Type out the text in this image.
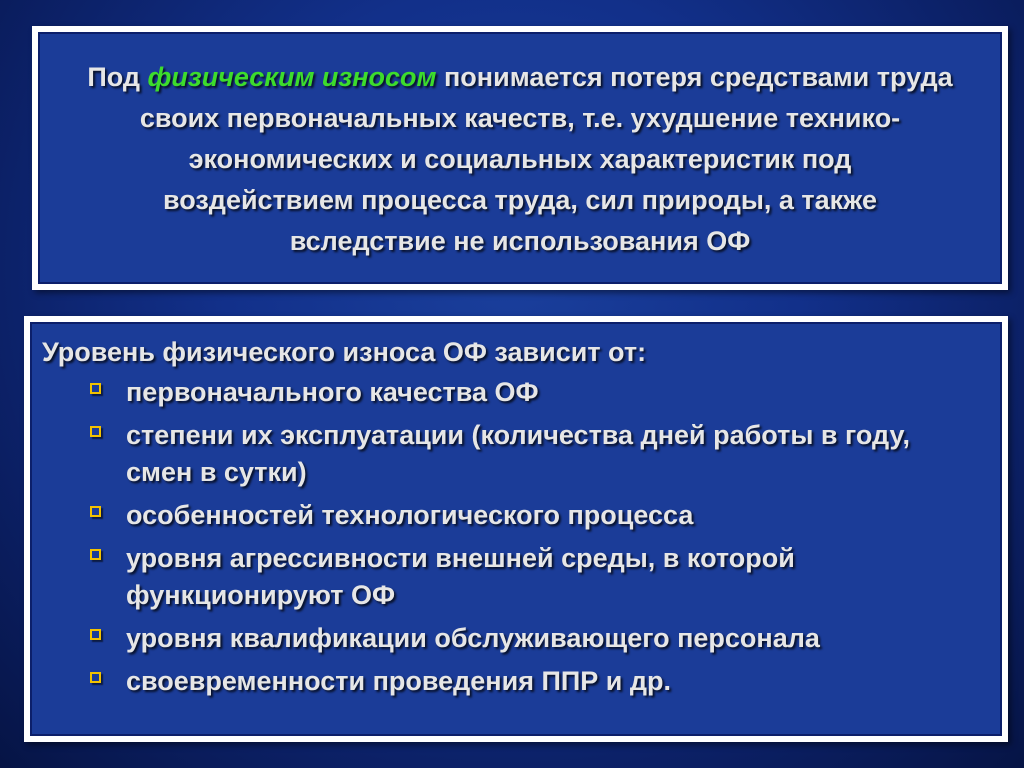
Под физическим износом понимается потеря средствами труда
своих первоначальных качеств, т.е. ухудшение технико-
экономических и социальных характеристик под
воздействием процесса труда, сил природы, а также
вследствие не использования ОФ

Уровень физического износа ОФ зависит от:

первоначального качества ОФ
степени их эксплуатации (количества дней работы в году,
смен в сутки)
особенностей технологического процесса
уровня агрессивности внешней среды, в которой
функционируют ОФ
уровня квалификации обслуживающего персонала
своевременности проведения ППР и др.
